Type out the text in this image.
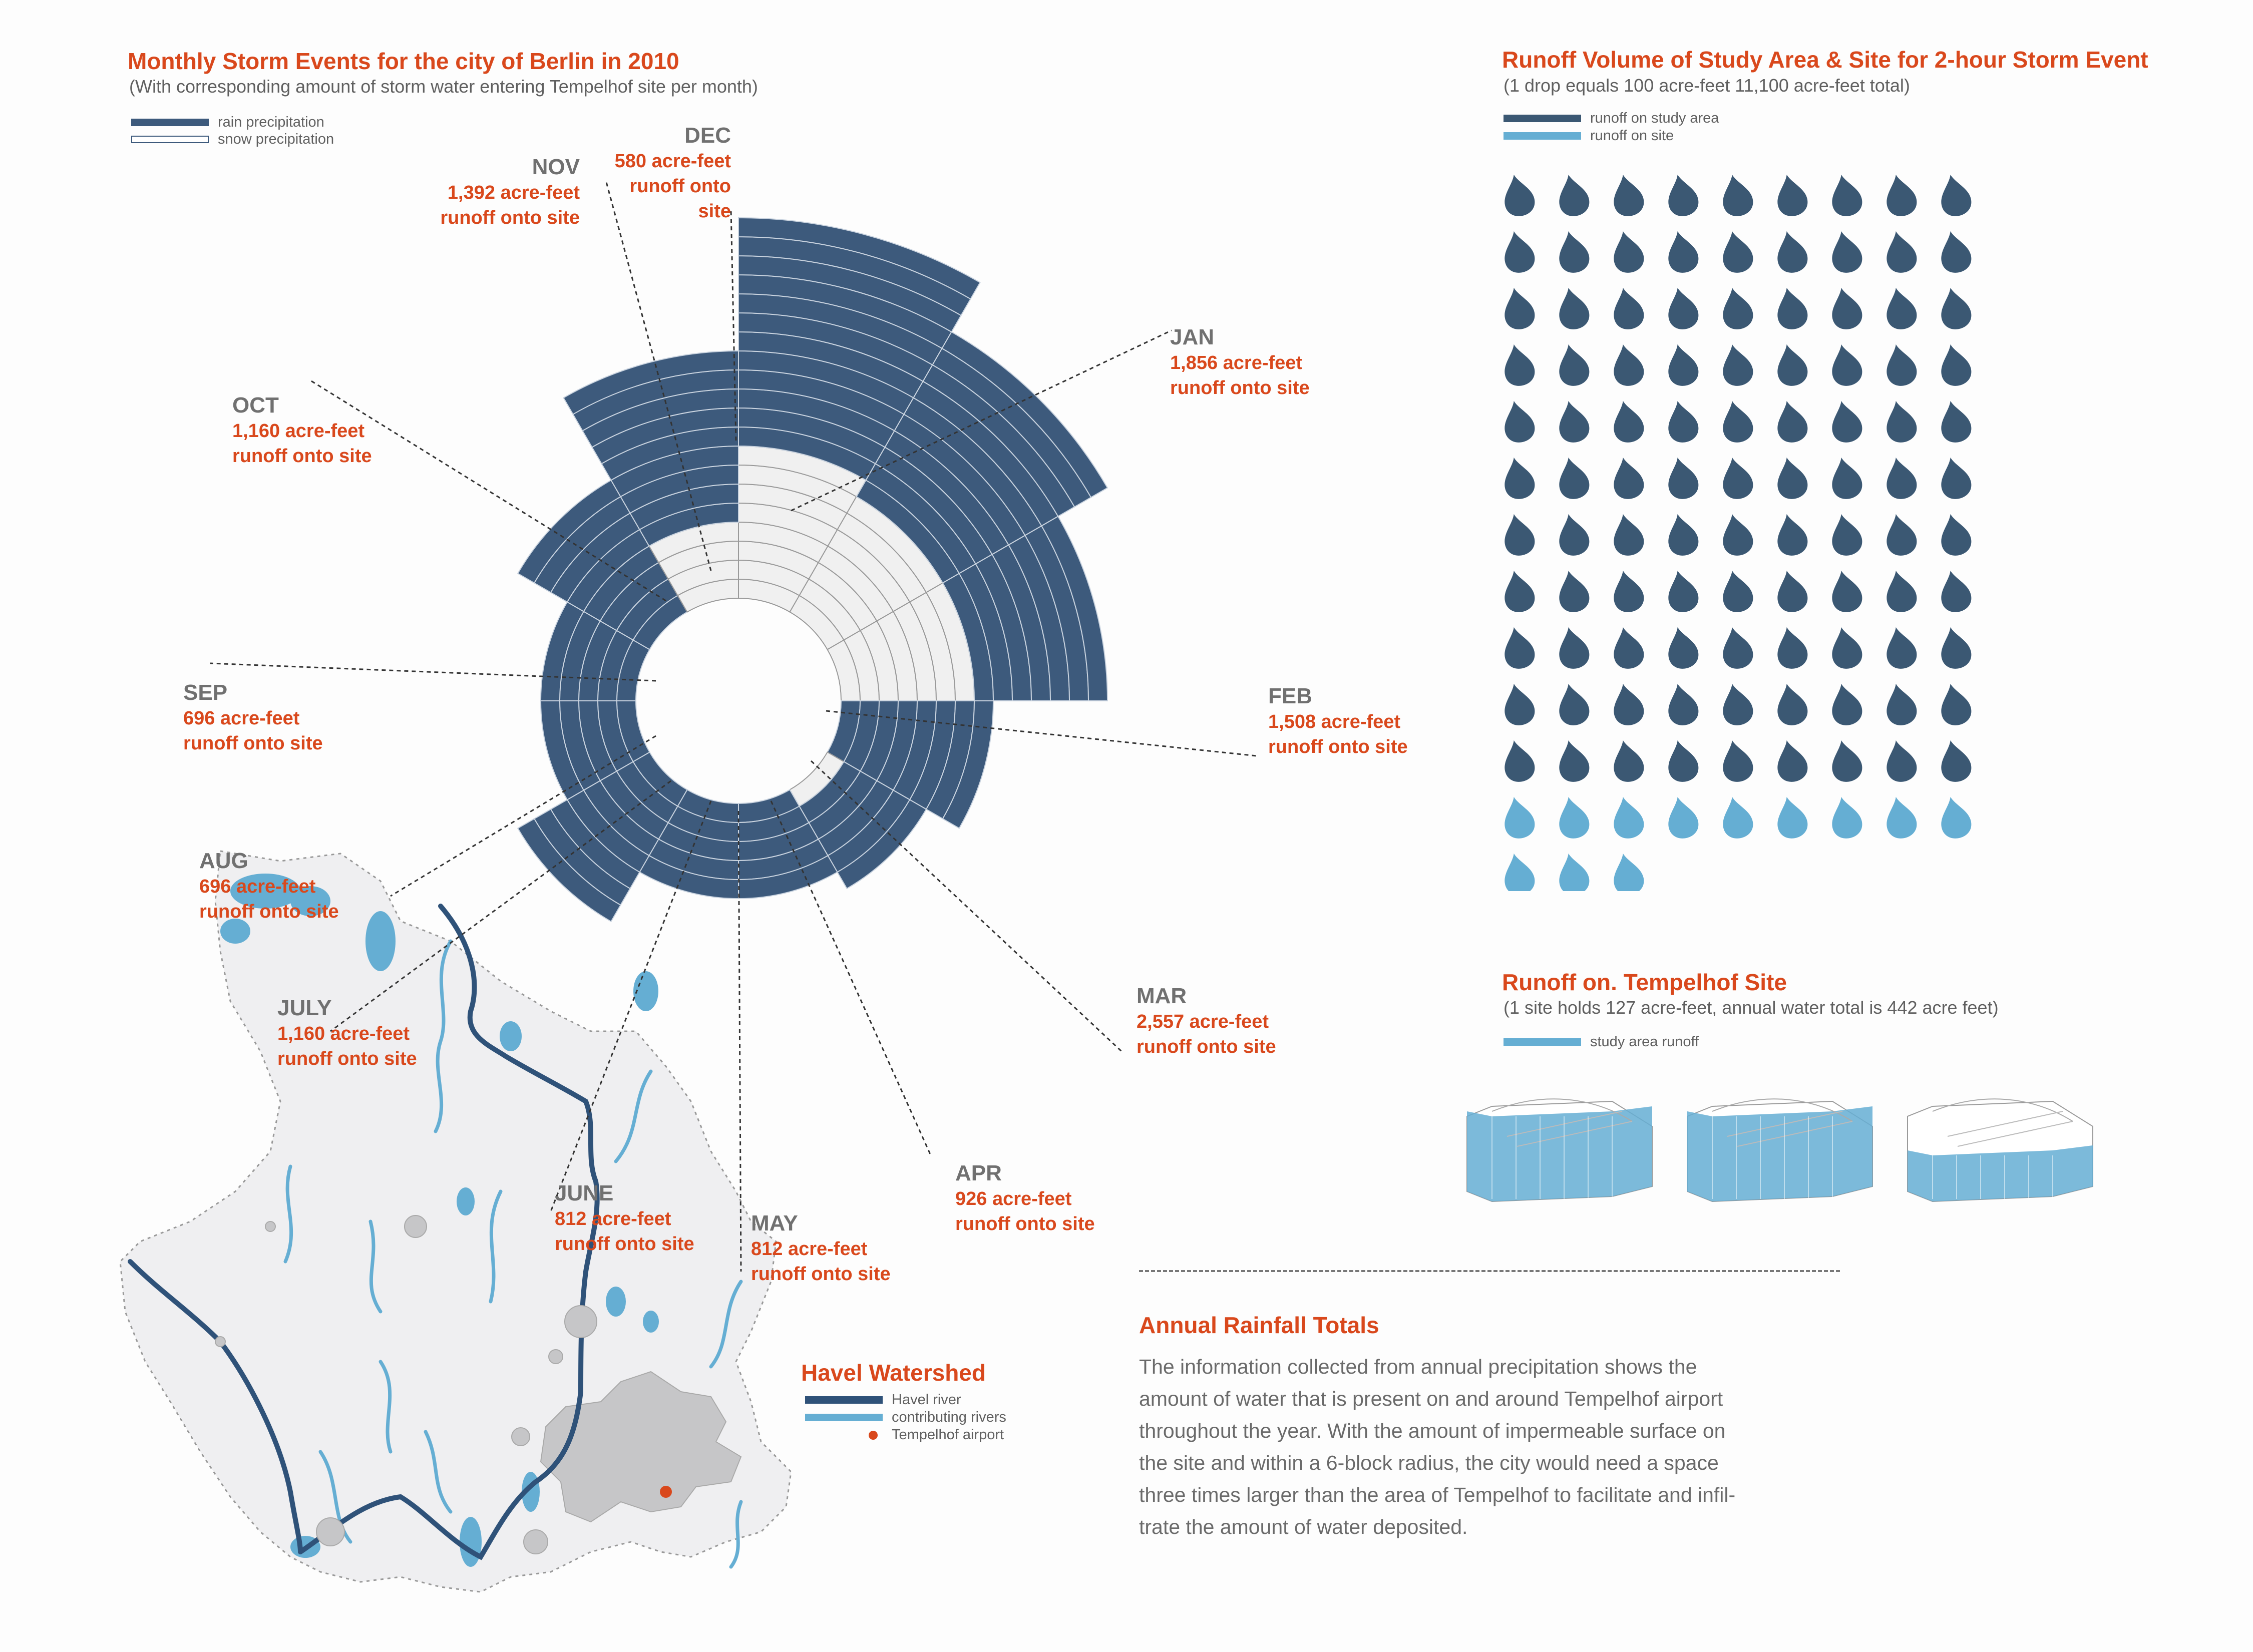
Monthly Storm Events for the city of Berlin in 2010
(With corresponding amount of storm water entering Tempelhof site per month)
rain precipitation
snow precipitation	DEC
580 acre-feet
runoff onto
site
JAN
1,856 acre-feet
runoff onto site
FEB
1,508 acre-feet
runoff onto site
MAR
2,557 acre-feet
runoff onto site
APR
926 acre-feet
runoff onto site
MAY
812 acre-feet
runoff onto site
JUNE
812 acre-feet
runoff onto site
JULY
1,160 acre-feet
runoff onto site
AUG
696 acre-feet
runoff onto site
SEP
696 acre-feet
runoff onto site
OCT
1,160 acre-feet
runoff onto site
NOV
1,392 acre-feet
runoff onto site
Runoff Volume of Study Area & Site for 2-hour Storm Event
(1 drop equals 100 acre-feet 11,100 acre-feet total)
runoff on study area
runoff on site
Runoff on. Tempelhof Site
(1 site holds 127 acre-feet, annual water total is 442 acre feet)
study area runoff
Annual Rainfall Totals
The information collected from annual precipitation shows the
amount of water that is present on and around Tempelhof airport
throughout the year. With the amount of impermeable surface on
the site and within a 6-block radius, the city would need a space
three times larger than the area of Tempelhof to facilitate and infil-
trate the amount of water deposited.
Havel Watershed
Havel river
contributing rivers
Tempelhof airport
